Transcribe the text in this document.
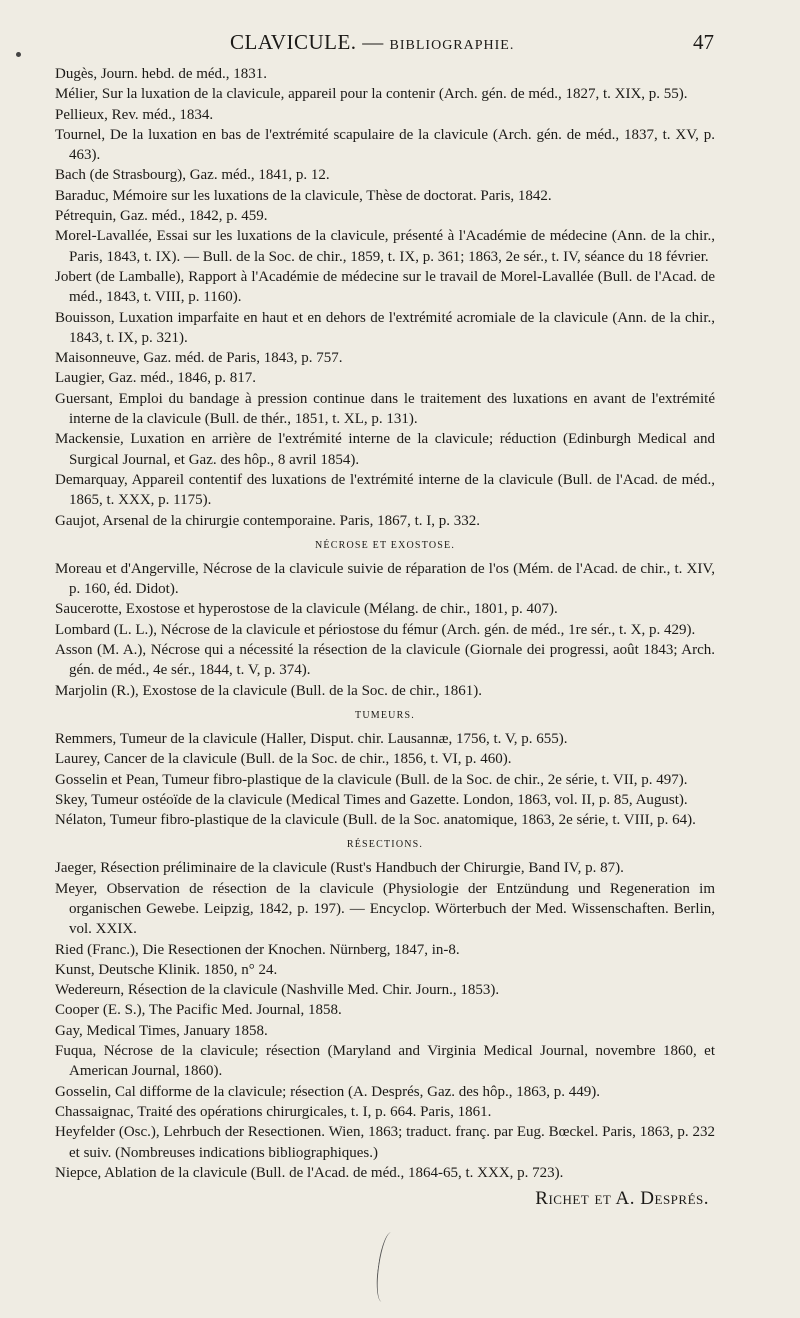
CLAVICULE. — BIBLIOGRAPHIE.	47

Dugès, Journ. hebd. de méd., 1831.

Mélier, Sur la luxation de la clavicule, appareil pour la contenir (Arch. gén. de méd., 1827, t. XIX, p. 55).

Pellieux, Rev. méd., 1834.

Tournel, De la luxation en bas de l'extrémité scapulaire de la clavicule (Arch. gén. de méd., 1837, t. XV, p. 463).

Bach (de Strasbourg), Gaz. méd., 1841, p. 12.

Baraduc, Mémoire sur les luxations de la clavicule, Thèse de doctorat. Paris, 1842.

Pétrequin, Gaz. méd., 1842, p. 459.

Morel-Lavallée, Essai sur les luxations de la clavicule, présenté à l'Académie de médecine (Ann. de la chir., Paris, 1843, t. IX). — Bull. de la Soc. de chir., 1859, t. IX, p. 361; 1863, 2e sér., t. IV, séance du 18 février.

Jobert (de Lamballe), Rapport à l'Académie de médecine sur le travail de Morel-Lavallée (Bull. de l'Acad. de méd., 1843, t. VIII, p. 1160).

Bouisson, Luxation imparfaite en haut et en dehors de l'extrémité acromiale de la clavicule (Ann. de la chir., 1843, t. IX, p. 321).

Maisonneuve, Gaz. méd. de Paris, 1843, p. 757.

Laugier, Gaz. méd., 1846, p. 817.

Guersant, Emploi du bandage à pression continue dans le traitement des luxations en avant de l'extrémité interne de la clavicule (Bull. de thér., 1851, t. XL, p. 131).

Mackensie, Luxation en arrière de l'extrémité interne de la clavicule; réduction (Edinburgh Medical and Surgical Journal, et Gaz. des hôp., 8 avril 1854).

Demarquay, Appareil contentif des luxations de l'extrémité interne de la clavicule (Bull. de l'Acad. de méd., 1865, t. XXX, p. 1175).

Gaujot, Arsenal de la chirurgie contemporaine. Paris, 1867, t. I, p. 332.

NÉCROSE ET EXOSTOSE.

Moreau et d'Angerville, Nécrose de la clavicule suivie de réparation de l'os (Mém. de l'Acad. de chir., t. XIV, p. 160, éd. Didot).

Saucerotte, Exostose et hyperostose de la clavicule (Mélang. de chir., 1801, p. 407).

Lombard (L. L.), Nécrose de la clavicule et périostose du fémur (Arch. gén. de méd., 1re sér., t. X, p. 429).

Asson (M. A.), Nécrose qui a nécessité la résection de la clavicule (Giornale dei progressi, août 1843; Arch. gén. de méd., 4e sér., 1844, t. V, p. 374).

Marjolin (R.), Exostose de la clavicule (Bull. de la Soc. de chir., 1861).

TUMEURS.

Remmers, Tumeur de la clavicule (Haller, Disput. chir. Lausannæ, 1756, t. V, p. 655).

Laurey, Cancer de la clavicule (Bull. de la Soc. de chir., 1856, t. VI, p. 460).

Gosselin et Pean, Tumeur fibro-plastique de la clavicule (Bull. de la Soc. de chir., 2e série, t. VII, p. 497).

Skey, Tumeur ostéoïde de la clavicule (Medical Times and Gazette. London, 1863, vol. II, p. 85, August).

Nélaton, Tumeur fibro-plastique de la clavicule (Bull. de la Soc. anatomique, 1863, 2e série, t. VIII, p. 64).

RÉSECTIONS.

Jaeger, Résection préliminaire de la clavicule (Rust's Handbuch der Chirurgie, Band IV, p. 87).

Meyer, Observation de résection de la clavicule (Physiologie der Entzündung und Regeneration im organischen Gewebe. Leipzig, 1842, p. 197). — Encyclop. Wörterbuch der Med. Wissenschaften. Berlin, vol. XXIX.

Ried (Franc.), Die Resectionen der Knochen. Nürnberg, 1847, in-8.

Kunst, Deutsche Klinik. 1850, n° 24.

Wedereurn, Résection de la clavicule (Nashville Med. Chir. Journ., 1853).

Cooper (E. S.), The Pacific Med. Journal, 1858.

Gay, Medical Times, January 1858.

Fuqua, Nécrose de la clavicule; résection (Maryland and Virginia Medical Journal, novembre 1860, et American Journal, 1860).

Gosselin, Cal difforme de la clavicule; résection (A. Després, Gaz. des hôp., 1863, p. 449).

Chassaignac, Traité des opérations chirurgicales, t. I, p. 664. Paris, 1861.

Heyfelder (Osc.), Lehrbuch der Resectionen. Wien, 1863; traduct. franç. par Eug. Bœckel. Paris, 1863, p. 232 et suiv. (Nombreuses indications bibliographiques.)

Niepce, Ablation de la clavicule (Bull. de l'Acad. de méd., 1864-65, t. XXX, p. 723).

Richet et A. Després.
